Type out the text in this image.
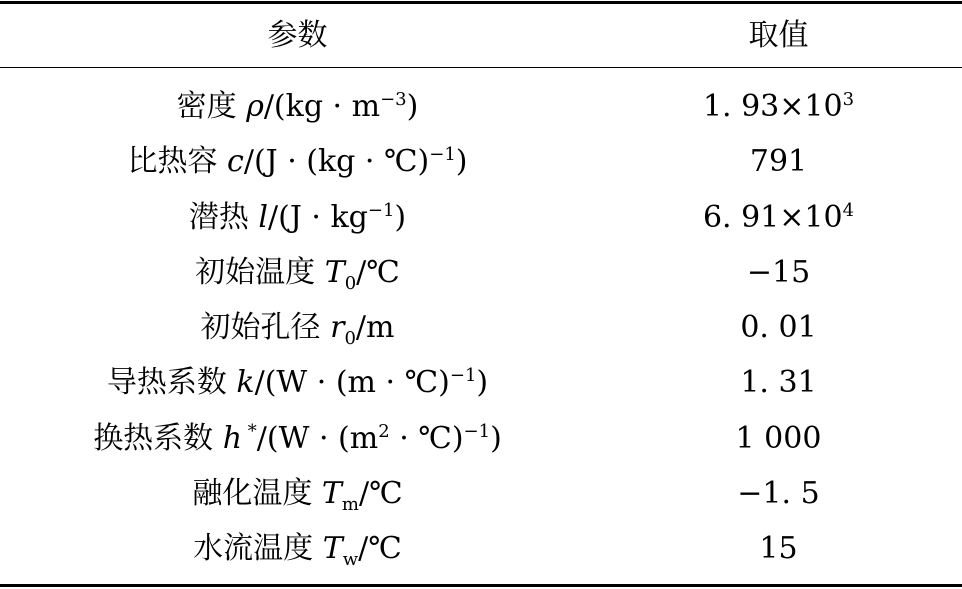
参数	取值
密度 $\rho/(kg \cdot m^{-3})$	1. $93\times 10^3$
比热容 c/(J · (kg · ℃)$^{-1}$)	791
潜热 $l/(J \cdot kg^{-1})$	6. $91\times 10^4$
初始温度 $T_0/℃$	−15
初始孔径 $r_0/m$	0. 01
导热系数 k/(W · (m · ℃)$^{-1}$)	1. 31
换热系数 h $^*/(W \cdot (m^2$ · ℃)$^{-1}$)	1 000
融化温度 $T_m/℃$	−1. 5
水流温度 $T_w/℃$	15
